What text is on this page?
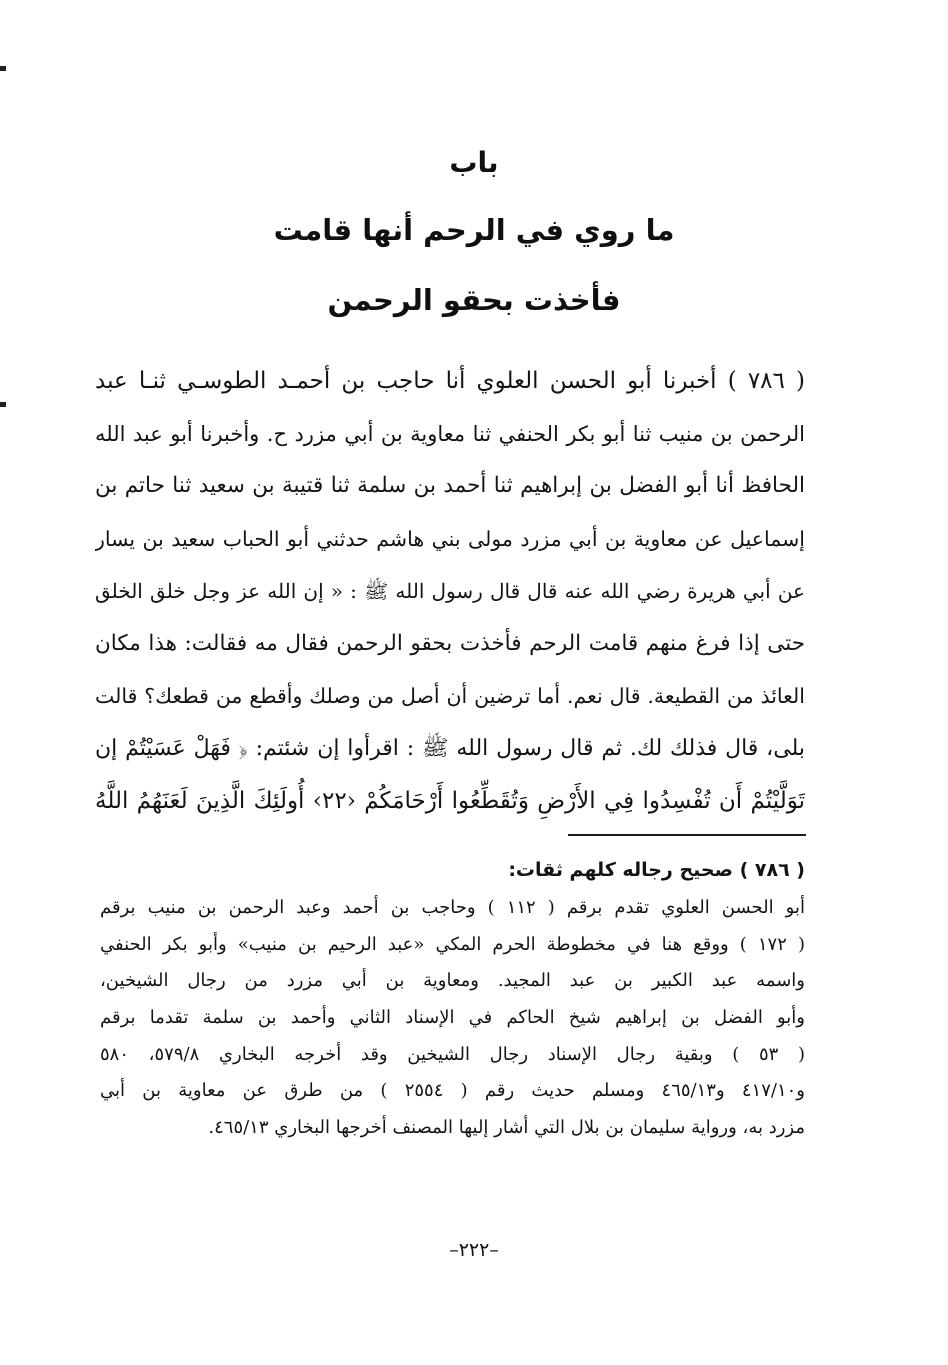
باب
ما روي في الرحم أنها قامت
فأخذت بحقو الرحمن
( ٧٨٦ ) أخبرنا أبو الحسن العلوي أنا حاجب بن أحمـد الطوسـي ثنـا عبد
الرحمن بن منيب ثنا أبو بكر الحنفي ثنا معاوية بن أبي مزرد ح. وأخبرنا أبو عبد الله
الحافظ أنا أبو الفضل بن إبراهيم ثنا أحمد بن سلمة ثنا قتيبة بن سعيد ثنا حاتم بن
إسماعيل عن معاوية بن أبي مزرد مولى بني هاشم حدثني أبو الحباب سعيد بن يسار
عن أبي هريرة رضي الله عنه قال قال رسول الله ﷺ : « إن الله عز وجل خلق الخلق
حتى إذا فرغ منهم قامت الرحم فأخذت بحقو الرحمن فقال مه فقالت: هذا مكان
العائذ من القطيعة. قال نعم. أما ترضين أن أصل من وصلك وأقطع من قطعك؟ قالت
بلى، قال فذلك لك. ثم قال رسول الله ﷺ : اقرأوا إن شئتم: ﴿ فَهَلْ عَسَيْتُمْ إن
تَوَلَّيْتُمْ أَن تُفْسِدُوا فِي الأَرْضِ وَتُقَطِّعُوا أَرْحَامَكُمْ ‹٢٢› أُولَئِكَ الَّذِينَ لَعَنَهُمُ اللَّهُ
( ٧٨٦ ) صحيح رجاله كلهم ثقات:
أبو الحسن العلوي تقدم برقم ( ١١٢ ) وحاجب بن أحمد وعبد الرحمن بن منيب برقم
( ١٧٢ ) ووقع هنا في مخطوطة الحرم المكي «عبد الرحيم بن منيب» وأبو بكر الحنفي
واسمه عبد الكبير بن عبد المجيد. ومعاوية بن أبي مزرد من رجال الشيخين،
وأبو الفضل بن إبراهيم شيخ الحاكم في الإسناد الثاني وأحمد بن سلمة تقدما برقم
( ٥٣ ) وبقية رجال الإسناد رجال الشيخين وقد أخرجه البخاري ٥٧٩/٨، ٥٨٠
و٤١٧/١٠ و٤٦٥/١٣ ومسلم حديث رقم ( ٢٥٥٤ ) من طرق عن معاوية بن أبي
مزرد به، ورواية سليمان بن بلال التي أشار إليها المصنف أخرجها البخاري ٤٦٥/١٣.
–٢٢٢–
